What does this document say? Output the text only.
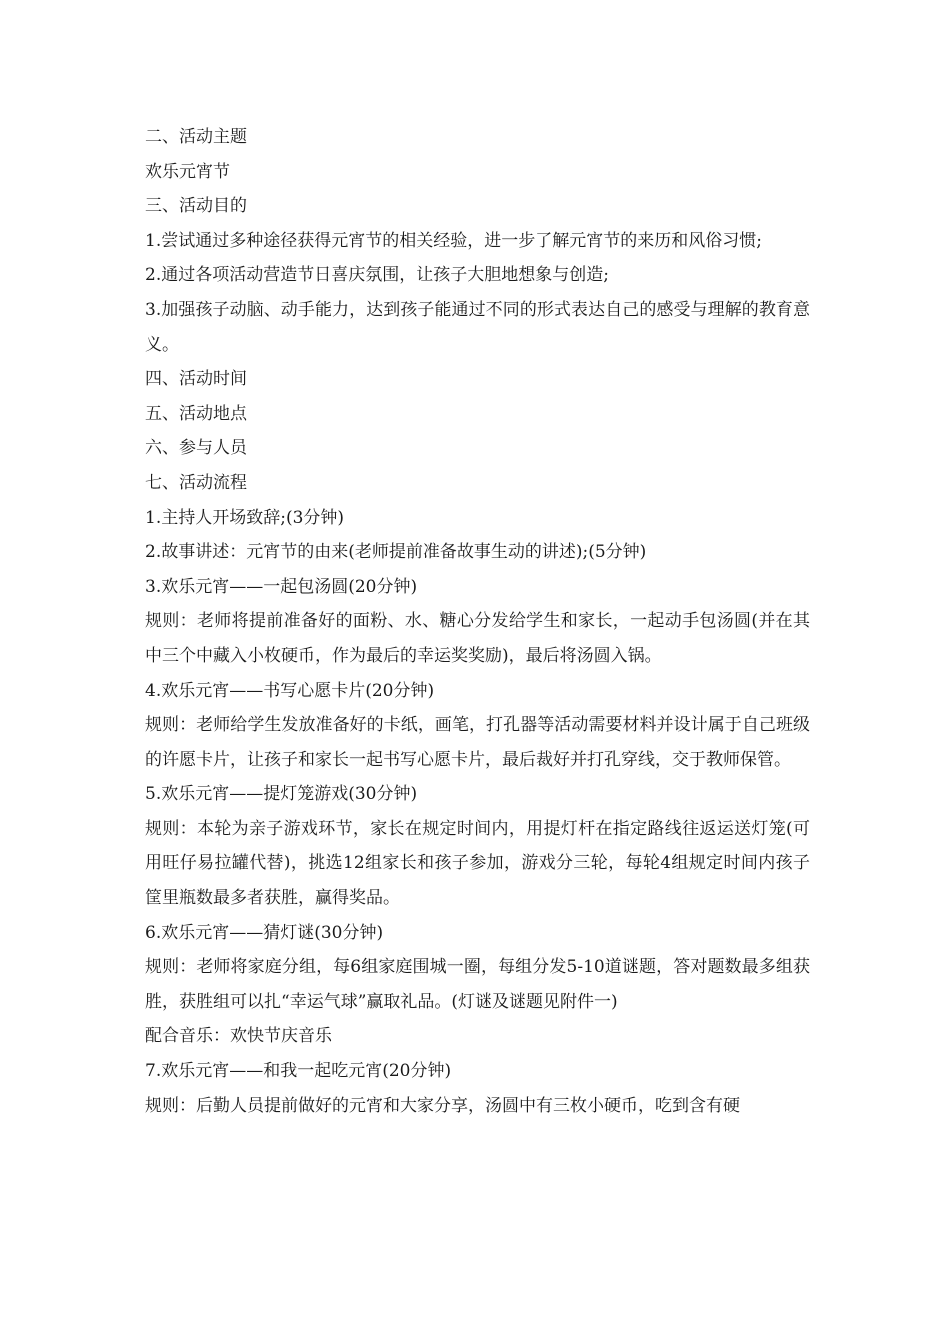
二、活动主题

欢乐元宵节

三、活动目的

1.尝试通过多种途径获得元宵节的相关经验，进一步了解元宵节的来历和风俗习惯;

2.通过各项活动营造节日喜庆氛围，让孩子大胆地想象与创造;

3.加强孩子动脑、动手能力，达到孩子能通过不同的形式表达自己的感受与理解的教育意义。

四、活动时间

五、活动地点

六、参与人员

七、活动流程

1.主持人开场致辞;(3分钟)

2.故事讲述：元宵节的由来(老师提前准备故事生动的讲述);(5分钟)

3.欢乐元宵——一起包汤圆(20分钟)

规则：老师将提前准备好的面粉、水、糖心分发给学生和家长，一起动手包汤圆(并在其中三个中藏入小枚硬币，作为最后的幸运奖奖励)，最后将汤圆入锅。

4.欢乐元宵——书写心愿卡片(20分钟)

规则：老师给学生发放准备好的卡纸，画笔，打孔器等活动需要材料并设计属于自己班级的许愿卡片，让孩子和家长一起书写心愿卡片，最后裁好并打孔穿线，交于教师保管。

5.欢乐元宵——提灯笼游戏(30分钟)

规则：本轮为亲子游戏环节，家长在规定时间内，用提灯杆在指定路线往返运送灯笼(可用旺仔易拉罐代替)，挑选12组家长和孩子参加，游戏分三轮，每轮4组规定时间内孩子筐里瓶数最多者获胜，赢得奖品。

6.欢乐元宵——猜灯谜(30分钟)

规则：老师将家庭分组，每6组家庭围城一圈，每组分发5-10道谜题，答对题数最多组获胜，获胜组可以扎“幸运气球”赢取礼品。(灯谜及谜题见附件一)

配合音乐：欢快节庆音乐

7.欢乐元宵——和我一起吃元宵(20分钟)

规则：后勤人员提前做好的元宵和大家分享，汤圆中有三枚小硬币，吃到含有硬
